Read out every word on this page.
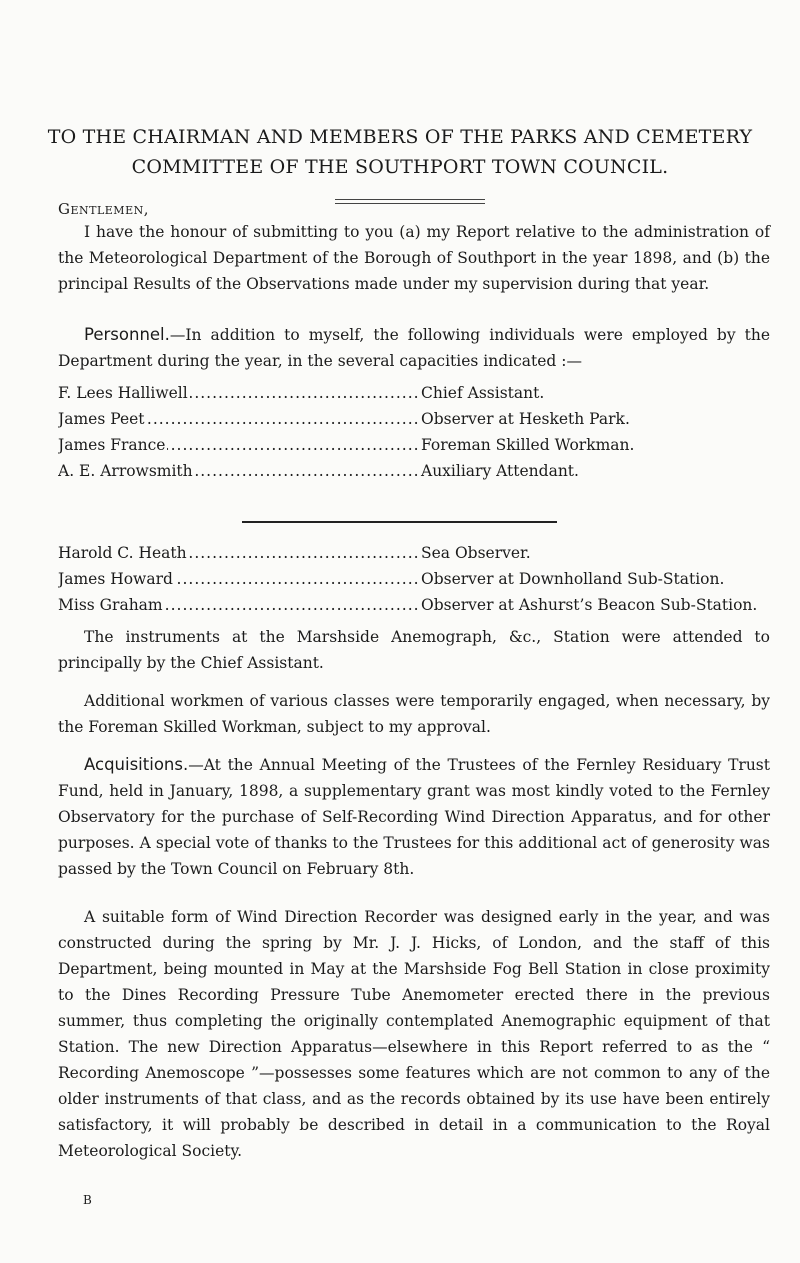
TO THE CHAIRMAN AND MEMBERS OF THE PARKS AND CEMETERY
COMMITTEE OF THE SOUTHPORT TOWN COUNCIL.
Gentlemen,

I have the honour of submitting to you (a) my Report relative to the administration of the Meteorological Department of the Borough of Southport in the year 1898, and (b) the principal Results of the Observations made under my supervision during that year.

Personnel.—In addition to myself, the following individuals were employed by the Department during the year, in the several capacities indicated :—

F. Lees Halliwell .....	Chief Assistant.
James Peet .....	Observer at Hesketh Park.
James France .....	Foreman Skilled Workman.
A. E. Arrowsmith .....	Auxiliary Attendant.
Harold C. Heath .....	Sea Observer.
James Howard .....	Observer at Downholland Sub-Station.
Miss Graham .....	Observer at Ashurst’s Beacon Sub-Station.

The instruments at the Marshside Anemograph, &c., Station were attended to principally by the Chief Assistant.

Additional workmen of various classes were temporarily engaged, when necessary, by the Foreman Skilled Workman, subject to my approval.

Acquisitions.—At the Annual Meeting of the Trustees of the Fernley Residuary Trust Fund, held in January, 1898, a supplementary grant was most kindly voted to the Fernley Observatory for the purchase of Self-Recording Wind Direction Apparatus, and for other purposes. A special vote of thanks to the Trustees for this additional act of generosity was passed by the Town Council on February 8th.

A suitable form of Wind Direction Recorder was designed early in the year, and was constructed during the spring by Mr. J. J. Hicks, of London, and the staff of this Department, being mounted in May at the Marshside Fog Bell Station in close proximity to the Dines Recording Pressure Tube Anemometer erected there in the previous summer, thus completing the originally contemplated Anemographic equipment of that Station. The new Direction Apparatus—elsewhere in this Report referred to as the “ Recording Anemoscope ”—possesses some features which are not common to any of the older instruments of that class, and as the records obtained by its use have been entirely satisfactory, it will probably be described in detail in a communication to the Royal Meteorological Society.

B
